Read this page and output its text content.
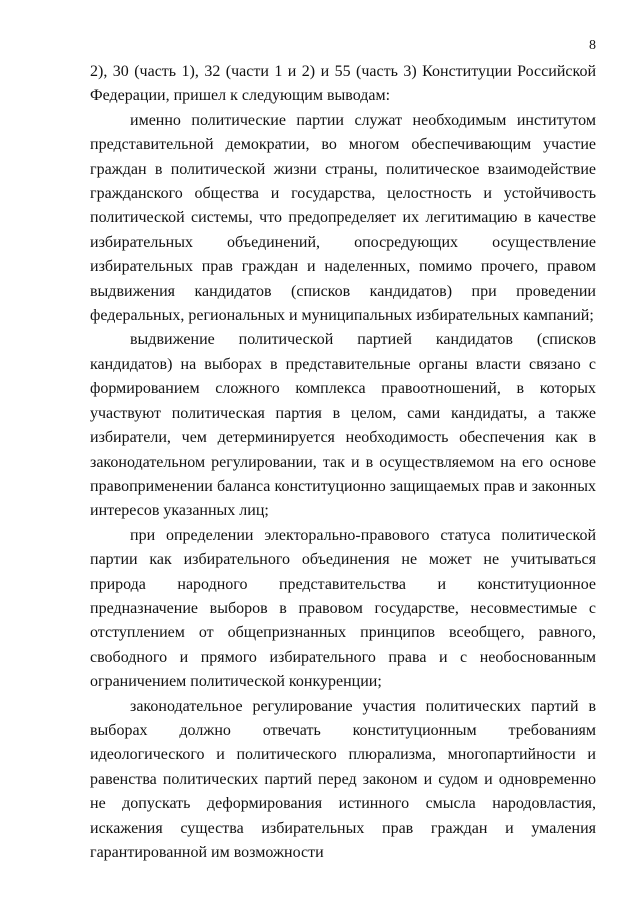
8

2), 30 (часть 1), 32 (части 1 и 2) и 55 (часть 3) Конституции Российской Федерации, пришел к следующим выводам:

именно политические партии служат необходимым институтом представительной демократии, во многом обеспечивающим участие граждан в политической жизни страны, политическое взаимодействие гражданского общества и государства, целостность и устойчивость политической системы, что предопределяет их легитимацию в качестве избирательных объединений, опосредующих осуществление избирательных прав граждан и наделенных, помимо прочего, правом выдвижения кандидатов (списков кандидатов) при проведении федеральных, региональных и муниципальных избирательных кампаний;

выдвижение политической партией кандидатов (списков кандидатов) на выборах в представительные органы власти связано с формированием сложного комплекса правоотношений, в которых участвуют политическая партия в целом, сами кандидаты, а также избиратели, чем детерминируется необходимость обеспечения как в законодательном регулировании, так и в осуществляемом на его основе правоприменении баланса конституционно защищаемых прав и законных интересов указанных лиц;

при определении электорально-правового статуса политической партии как избирательного объединения не может не учитываться природа народного представительства и конституционное предназначение выборов в правовом государстве, несовместимые с отступлением от общепризнанных принципов всеобщего, равного, свободного и прямого избирательного права и с необоснованным ограничением политической конкуренции;

законодательное регулирование участия политических партий в выборах должно отвечать конституционным требованиям идеологического и политического плюрализма, многопартийности и равенства политических партий перед законом и судом и одновременно не допускать деформирования истинного смысла народовластия, искажения существа избирательных прав граждан и умаления гарантированной им возможности
